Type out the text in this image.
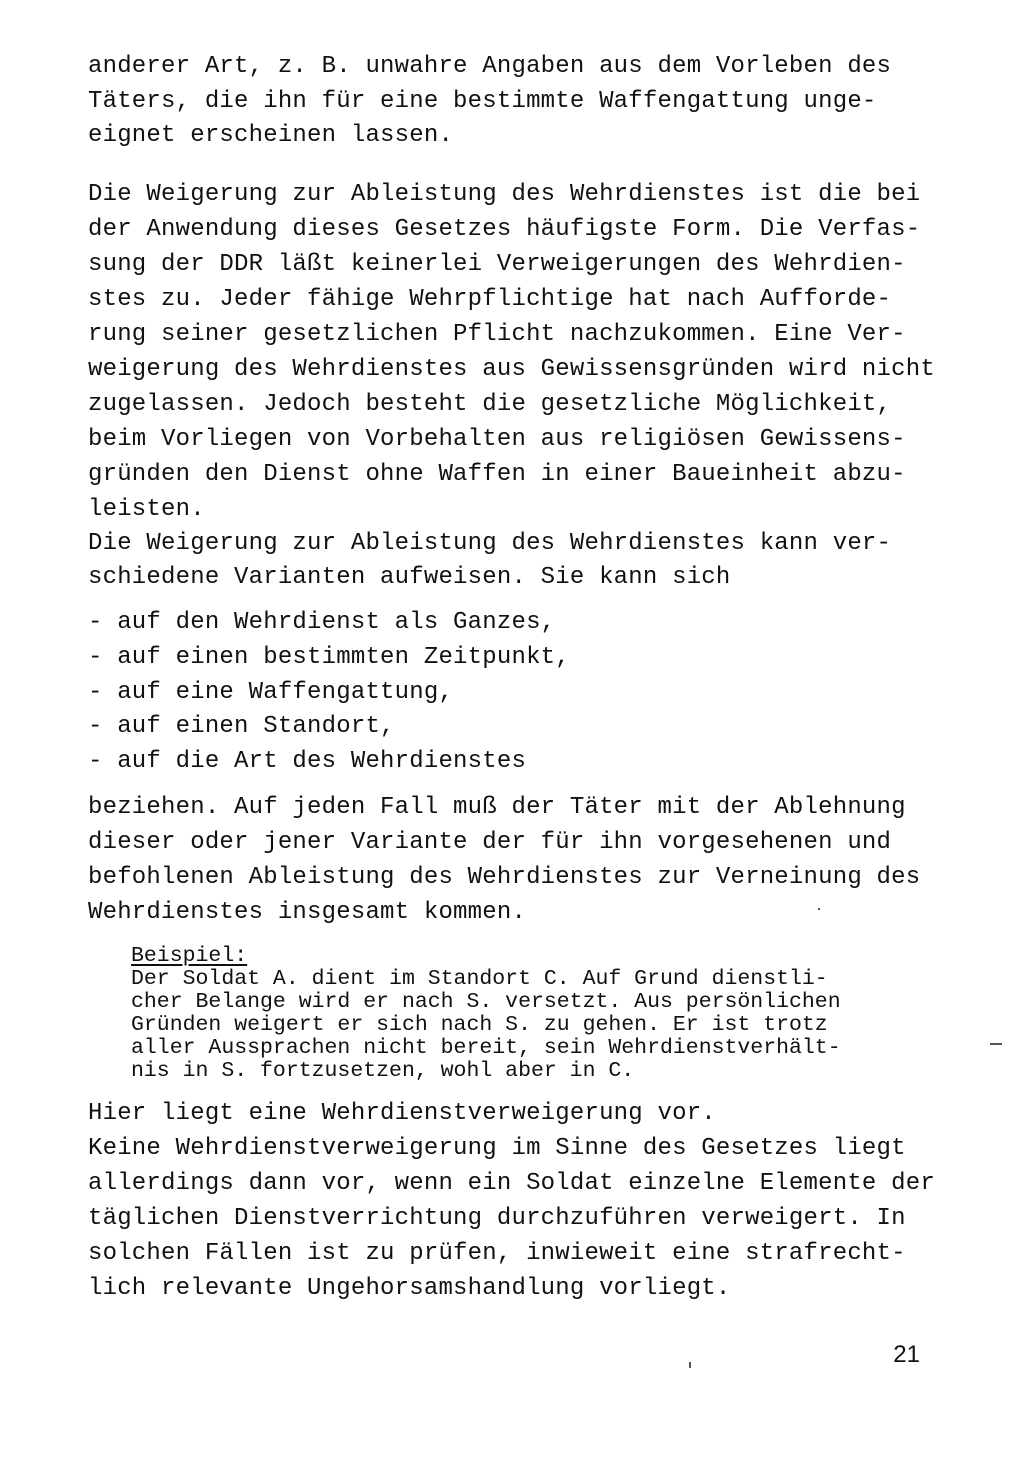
anderer Art, z. B. unwahre Angaben aus dem Vorleben des
Täters, die ihn für eine bestimmte Waffengattung unge-
eignet erscheinen lassen.
Die Weigerung zur Ableistung des Wehrdienstes ist die bei
der Anwendung dieses Gesetzes häufigste Form. Die Verfas-
sung der DDR läßt keinerlei Verweigerungen des Wehrdien-
stes zu. Jeder fähige Wehrpflichtige hat nach Aufforde-
rung seiner gesetzlichen Pflicht nachzukommen. Eine Ver-
weigerung des Wehrdienstes aus Gewissensgründen wird nicht
zugelassen. Jedoch besteht die gesetzliche Möglichkeit,
beim Vorliegen von Vorbehalten aus religiösen Gewissens-
gründen den Dienst ohne Waffen in einer Baueinheit abzu-
leisten.
Die Weigerung zur Ableistung des Wehrdienstes kann ver-
schiedene Varianten aufweisen. Sie kann sich
- auf den Wehrdienst als Ganzes,
- auf einen bestimmten Zeitpunkt,
- auf eine Waffengattung,
- auf einen Standort,
- auf die Art des Wehrdienstes
beziehen. Auf jeden Fall muß der Täter mit der Ablehnung
dieser oder jener Variante der für ihn vorgesehenen und
befohlenen Ableistung des Wehrdienstes zur Verneinung des
Wehrdienstes insgesamt kommen.
Beispiel:
Der Soldat A. dient im Standort C. Auf Grund dienstli-
cher Belange wird er nach S. versetzt. Aus persönlichen
Gründen weigert er sich nach S. zu gehen. Er ist trotz
aller Aussprachen nicht bereit, sein Wehrdienstverhält-
nis in S. fortzusetzen, wohl aber in C.
Hier liegt eine Wehrdienstverweigerung vor.
Keine Wehrdienstverweigerung im Sinne des Gesetzes liegt
allerdings dann vor, wenn ein Soldat einzelne Elemente der
täglichen Dienstverrichtung durchzuführen verweigert. In
solchen Fällen ist zu prüfen, inwieweit eine strafrecht-
lich relevante Ungehorsamshandlung vorliegt.
21
